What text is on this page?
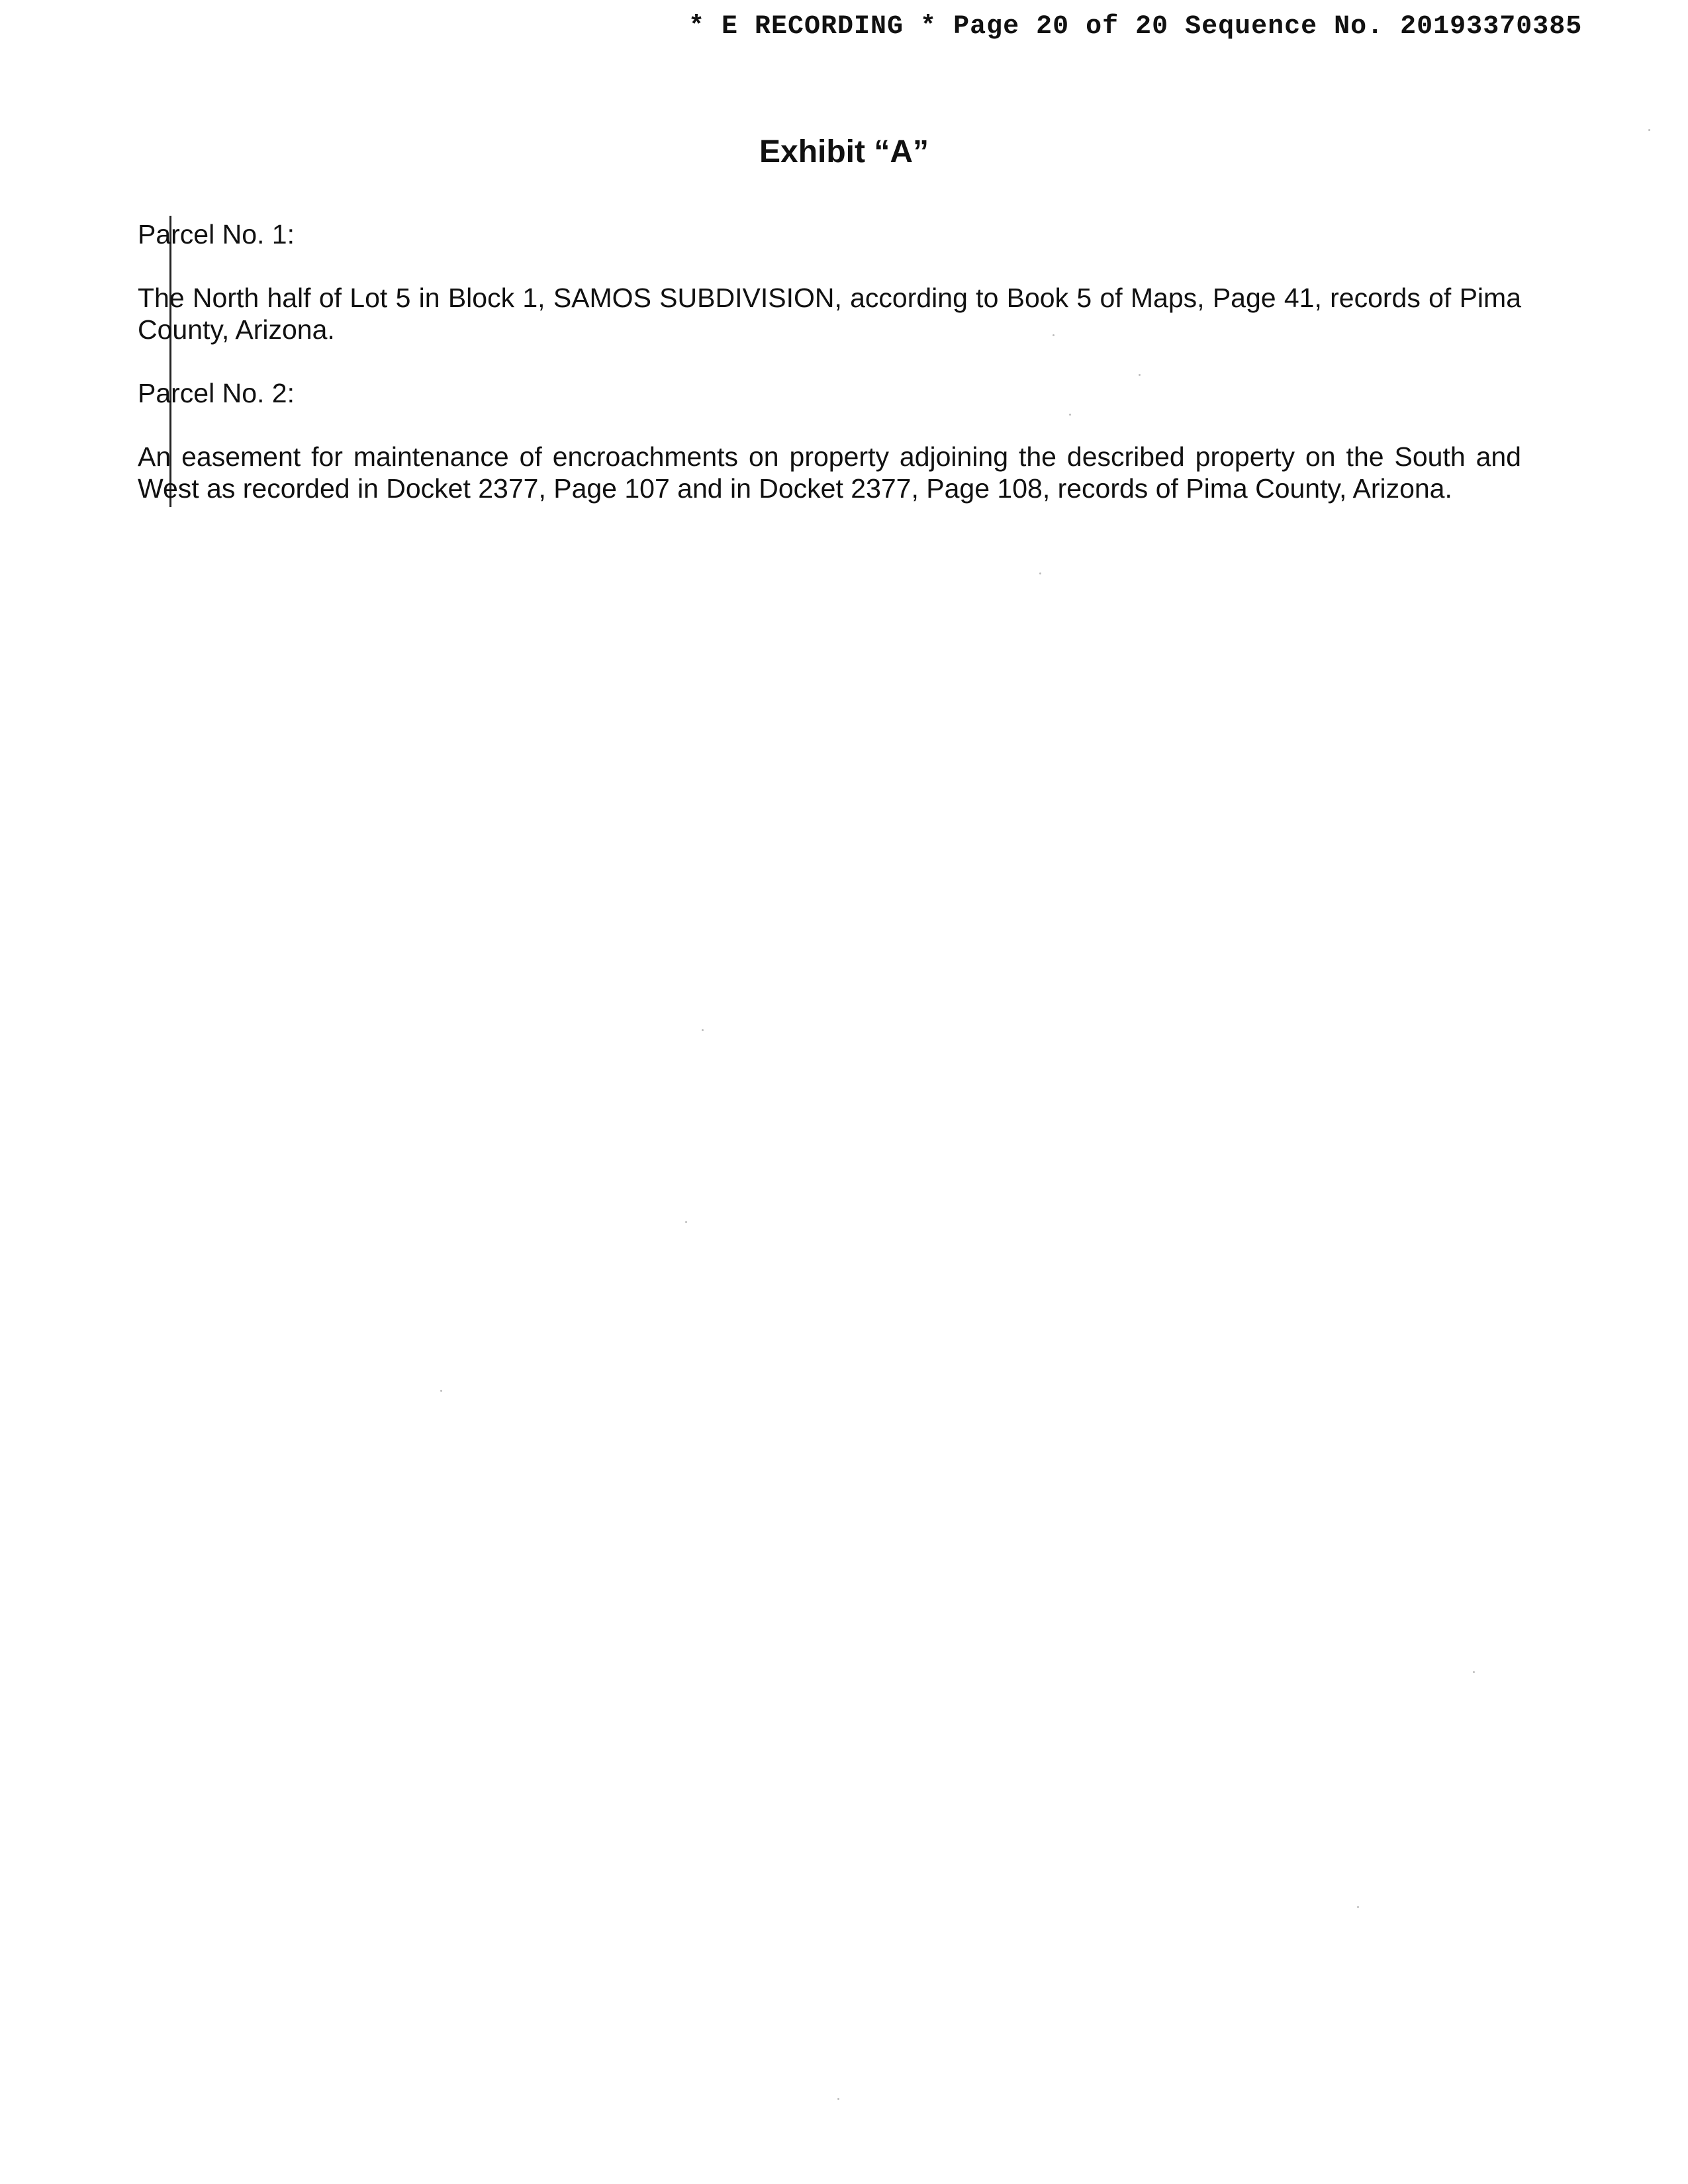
* E RECORDING * Page 20 of 20 Sequence No. 20193370385
Exhibit “A”

Parcel No. 1:

The North half of Lot 5 in Block 1, SAMOS SUBDIVISION, according to Book 5 of Maps, Page 41, records of Pima County, Arizona.

Parcel No. 2:

An easement for maintenance of encroachments on property adjoining the described property on the South and West as recorded in Docket 2377, Page 107 and in Docket 2377, Page 108, records of Pima County, Arizona.
